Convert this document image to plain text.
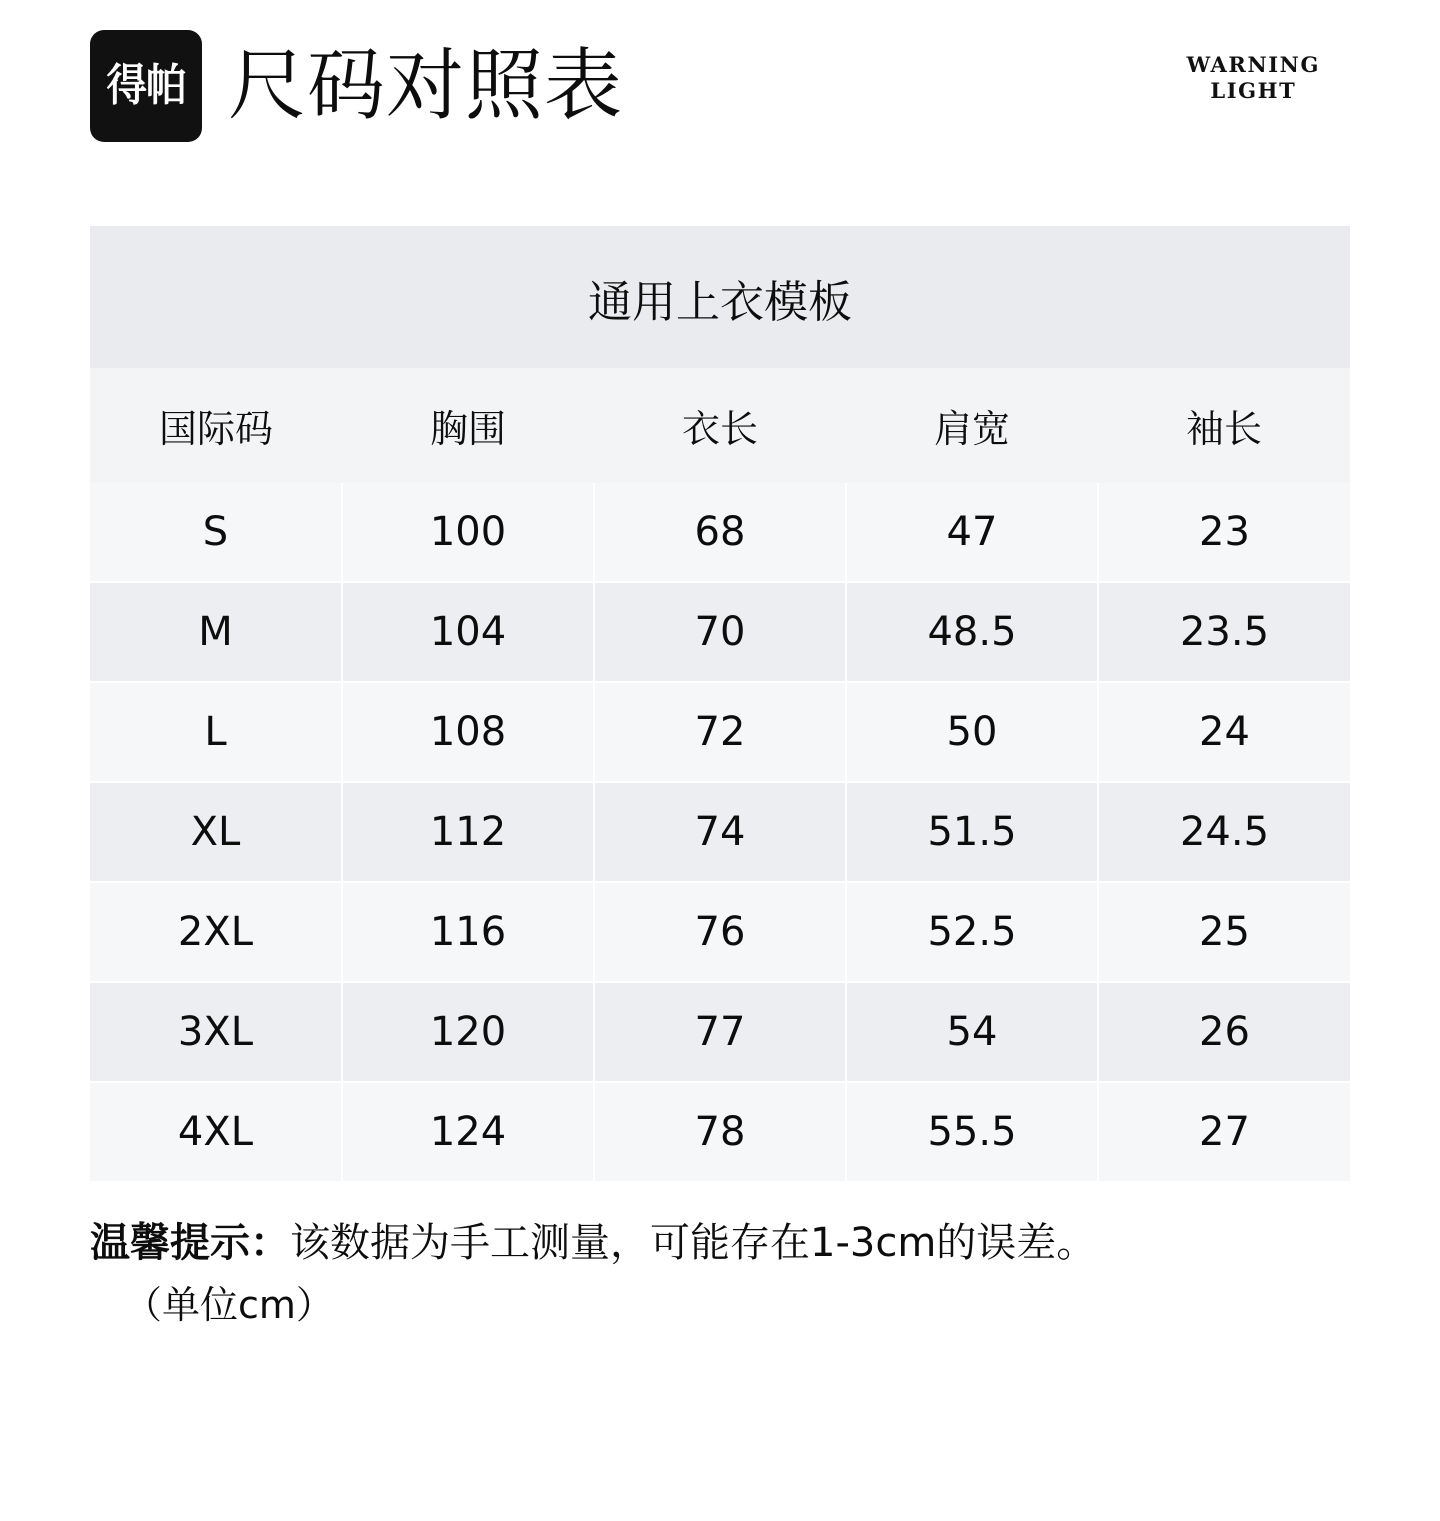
得帕 尺码对照表	WARNING
LIGHT
通用上衣模板				
国际码	胸围	衣长	肩宽	袖长
S	100	68	47	23
M	104	70	48.5	23.5
L	108	72	50	24
XL	112	74	51.5	24.5
2XL	116	76	52.5	25
3XL	120	77	54	26
4XL	124	78	55.5	27
温馨提示：该数据为手工测量，可能存在1-3cm的误差。
（单位cm）
